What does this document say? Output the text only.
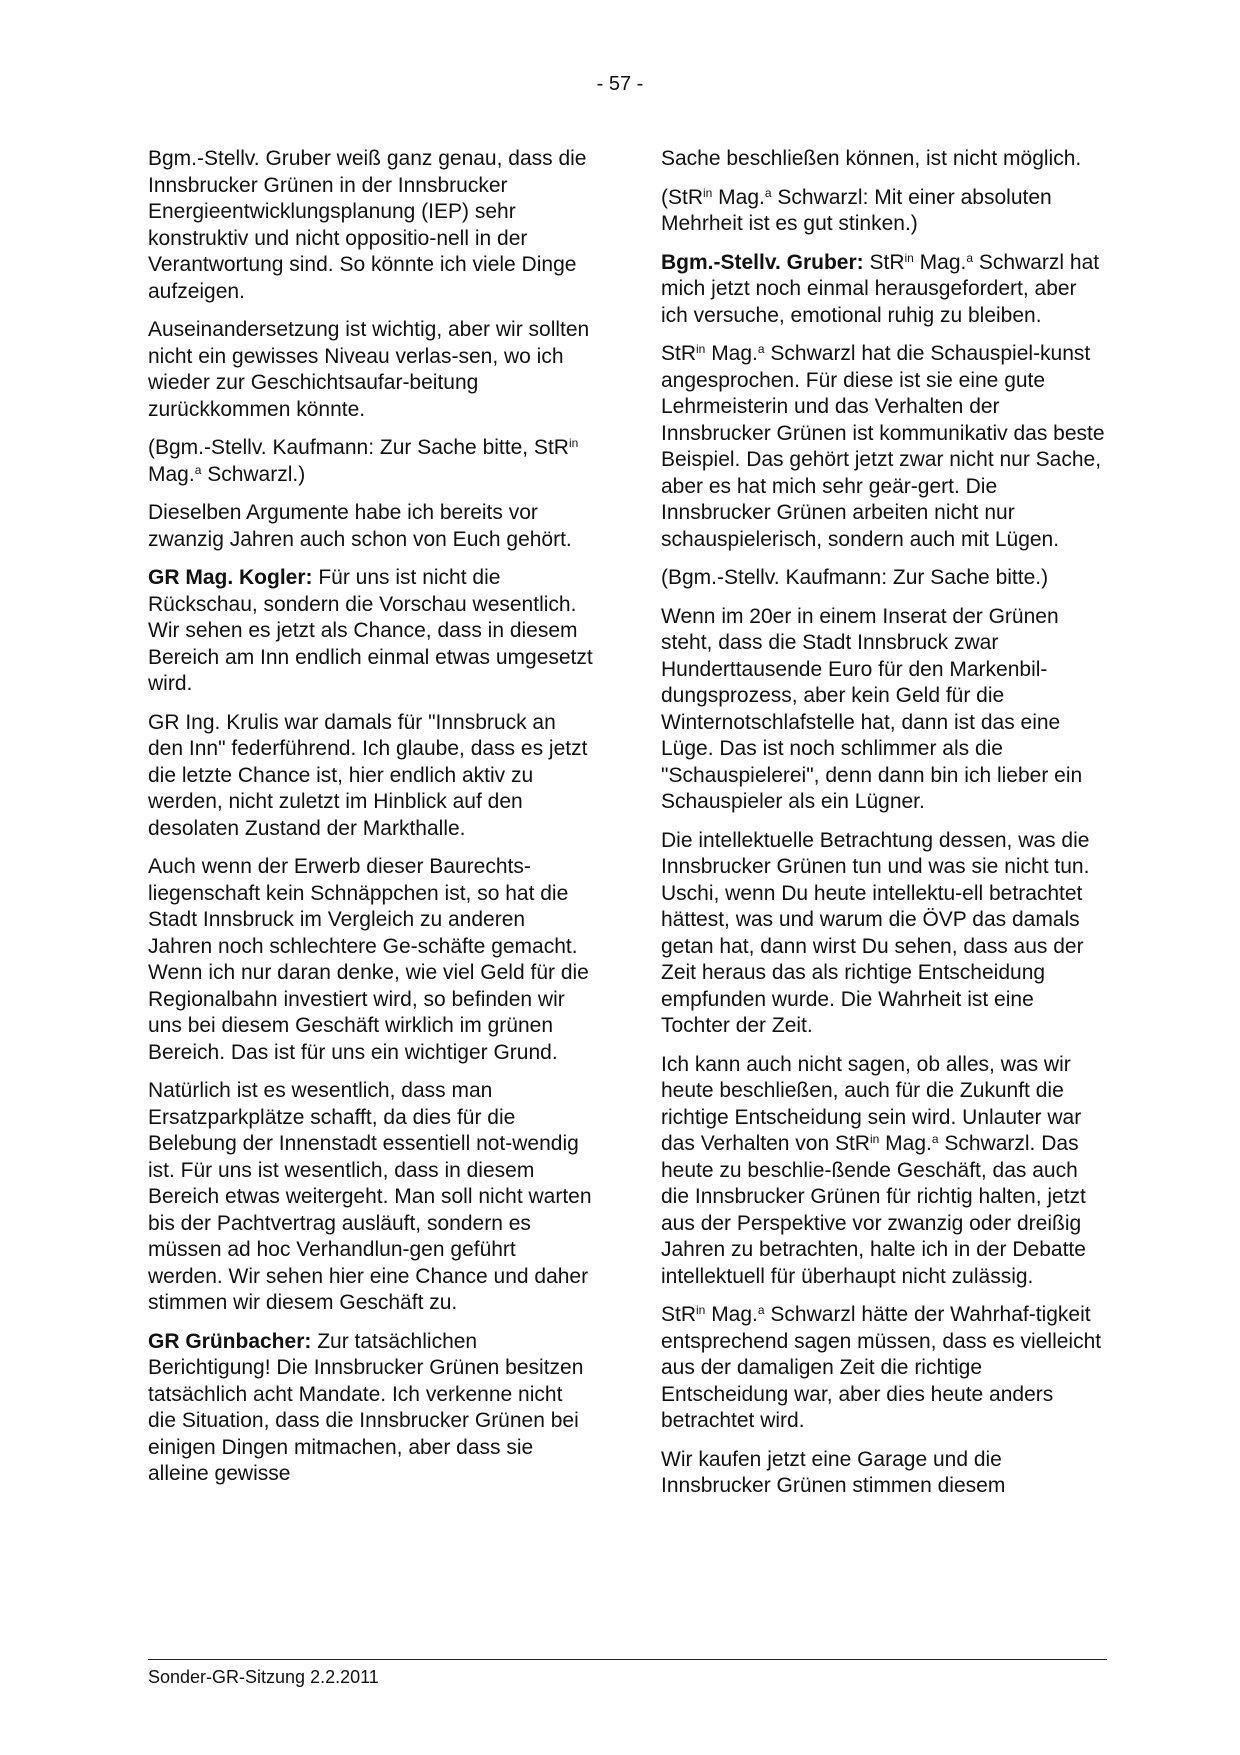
- 57 -

Bgm.-Stellv. Gruber weiß ganz genau, dass die Innsbrucker Grünen in der Innsbrucker Energieentwicklungsplanung (IEP) sehr konstruktiv und nicht oppositio-nell in der Verantwortung sind. So könnte ich viele Dinge aufzeigen.

Auseinandersetzung ist wichtig, aber wir sollten nicht ein gewisses Niveau verlas-sen, wo ich wieder zur Geschichtsaufar-beitung zurückkommen könnte.

(Bgm.-Stellv. Kaufmann: Zur Sache bitte, StR$^{in}$ Mag.$^a$ Schwarzl.)

Dieselben Argumente habe ich bereits vor zwanzig Jahren auch schon von Euch gehört.

GR Mag. Kogler: Für uns ist nicht die Rückschau, sondern die Vorschau wesentlich. Wir sehen es jetzt als Chance, dass in diesem Bereich am Inn endlich einmal etwas umgesetzt wird.

GR Ing. Krulis war damals für "Innsbruck an den Inn" federführend. Ich glaube, dass es jetzt die letzte Chance ist, hier endlich aktiv zu werden, nicht zuletzt im Hinblick auf den desolaten Zustand der Markthalle.

Auch wenn der Erwerb dieser Baurechts-liegenschaft kein Schnäppchen ist, so hat die Stadt Innsbruck im Vergleich zu anderen Jahren noch schlechtere Ge-schäfte gemacht. Wenn ich nur daran denke, wie viel Geld für die Regionalbahn investiert wird, so befinden wir uns bei diesem Geschäft wirklich im grünen Bereich. Das ist für uns ein wichtiger Grund.

Natürlich ist es wesentlich, dass man Ersatzparkplätze schafft, da dies für die Belebung der Innenstadt essentiell not-wendig ist. Für uns ist wesentlich, dass in diesem Bereich etwas weitergeht. Man soll nicht warten bis der Pachtvertrag ausläuft, sondern es müssen ad hoc Verhandlun-gen geführt werden. Wir sehen hier eine Chance und daher stimmen wir diesem Geschäft zu.

GR Grünbacher: Zur tatsächlichen Berichtigung! Die Innsbrucker Grünen besitzen tatsächlich acht Mandate. Ich verkenne nicht die Situation, dass die Innsbrucker Grünen bei einigen Dingen mitmachen, aber dass sie alleine gewisse

Sache beschließen können, ist nicht möglich.

(StR$^{in}$ Mag.$^a$ Schwarzl: Mit einer absoluten Mehrheit ist es gut stinken.)

Bgm.-Stellv. Gruber: StR$^{in}$ Mag.$^a$ Schwarzl hat mich jetzt noch einmal herausgefordert, aber ich versuche, emotional ruhig zu bleiben.

StR$^{in}$ Mag.$^a$ Schwarzl hat die Schauspiel-kunst angesprochen. Für diese ist sie eine gute Lehrmeisterin und das Verhalten der Innsbrucker Grünen ist kommunikativ das beste Beispiel. Das gehört jetzt zwar nicht nur Sache, aber es hat mich sehr geär-gert. Die Innsbrucker Grünen arbeiten nicht nur schauspielerisch, sondern auch mit Lügen.

(Bgm.-Stellv. Kaufmann: Zur Sache bitte.)

Wenn im 20er in einem Inserat der Grünen steht, dass die Stadt Innsbruck zwar Hunderttausende Euro für den Markenbil-dungsprozess, aber kein Geld für die Winternotschlafstelle hat, dann ist das eine Lüge. Das ist noch schlimmer als die "Schauspielerei", denn dann bin ich lieber ein Schauspieler als ein Lügner.

Die intellektuelle Betrachtung dessen, was die Innsbrucker Grünen tun und was sie nicht tun. Uschi, wenn Du heute intellektu-ell betrachtet hättest, was und warum die ÖVP das damals getan hat, dann wirst Du sehen, dass aus der Zeit heraus das als richtige Entscheidung empfunden wurde. Die Wahrheit ist eine Tochter der Zeit.

Ich kann auch nicht sagen, ob alles, was wir heute beschließen, auch für die Zukunft die richtige Entscheidung sein wird. Unlauter war das Verhalten von StR$^{in}$ Mag.$^a$ Schwarzl. Das heute zu beschlie-ßende Geschäft, das auch die Innsbrucker Grünen für richtig halten, jetzt aus der Perspektive vor zwanzig oder dreißig Jahren zu betrachten, halte ich in der Debatte intellektuell für überhaupt nicht zulässig.

StR$^{in}$ Mag.$^a$ Schwarzl hätte der Wahrhaf-tigkeit entsprechend sagen müssen, dass es vielleicht aus der damaligen Zeit die richtige Entscheidung war, aber dies heute anders betrachtet wird.

Wir kaufen jetzt eine Garage und die Innsbrucker Grünen stimmen diesem

Sonder-GR-Sitzung 2.2.2011
